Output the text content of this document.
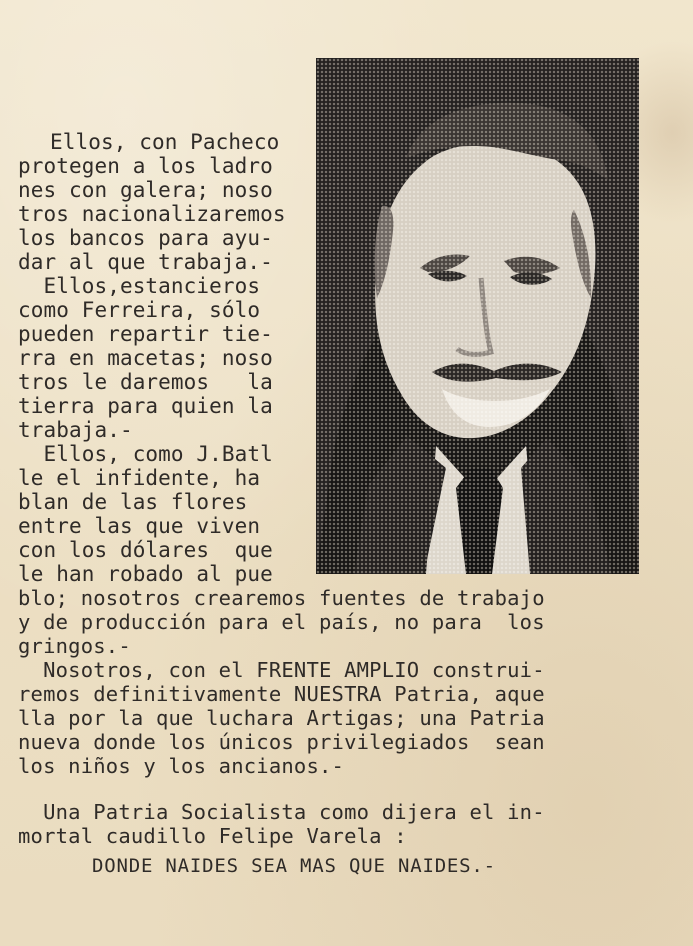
Ellos, con Pacheco
protegen a los ladro
nes con galera; noso
tros nacionalizaremos
los bancos para ayu-
dar al que trabaja.-
Ellos,estancieros
como Ferreira, sólo
pueden repartir tie-
rra en macetas; noso
tros le daremos   la
tierra para quien la
trabaja.-
Ellos, como J.Batl
le el infidente, ha
blan de las flores
entre las que viven
con los dólares  que
le han robado al pue
blo; nosotros crearemos fuentes de trabajo
y de producción para el país, no para  los
gringos.-
Nosotros, con el FRENTE AMPLIO construi-
remos definitivamente NUESTRA Patria, aque
lla por la que luchara Artigas; una Patria
nueva donde los únicos privilegiados  sean
los niños y los ancianos.-
Una Patria Socialista como dijera el in-
mortal caudillo Felipe Varela :
DONDE NAIDES SEA MAS QUE NAIDES.-
